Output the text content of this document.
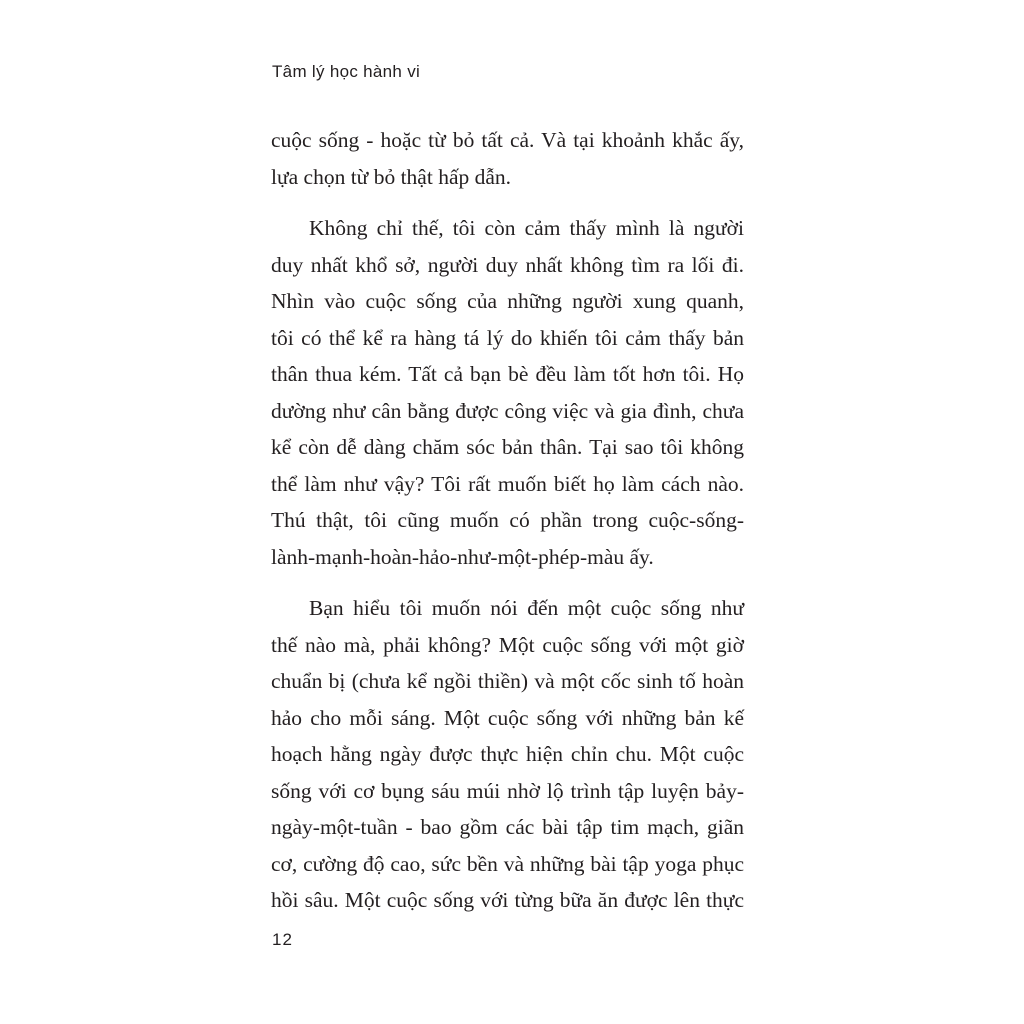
Tâm lý học hành vi
cuộc sống - hoặc từ bỏ tất cả. Và tại khoảnh khắc ấy,
lựa chọn từ bỏ thật hấp dẫn.
Không chỉ thế, tôi còn cảm thấy mình là người
duy nhất khổ sở, người duy nhất không tìm ra lối đi.
Nhìn vào cuộc sống của những người xung quanh,
tôi có thể kể ra hàng tá lý do khiến tôi cảm thấy bản
thân thua kém. Tất cả bạn bè đều làm tốt hơn tôi. Họ
dường như cân bằng được công việc và gia đình, chưa
kể còn dễ dàng chăm sóc bản thân. Tại sao tôi không
thể làm như vậy? Tôi rất muốn biết họ làm cách nào.
Thú thật, tôi cũng muốn có phần trong cuộc-sống-
lành-mạnh-hoàn-hảo-như-một-phép-màu ấy.
Bạn hiểu tôi muốn nói đến một cuộc sống như
thế nào mà, phải không? Một cuộc sống với một giờ
chuẩn bị (chưa kể ngồi thiền) và một cốc sinh tố hoàn
hảo cho mỗi sáng. Một cuộc sống với những bản kế
hoạch hằng ngày được thực hiện chỉn chu. Một cuộc
sống với cơ bụng sáu múi nhờ lộ trình tập luyện bảy-
ngày-một-tuần - bao gồm các bài tập tim mạch, giãn
cơ, cường độ cao, sức bền và những bài tập yoga phục
hồi sâu. Một cuộc sống với từng bữa ăn được lên thực
12
